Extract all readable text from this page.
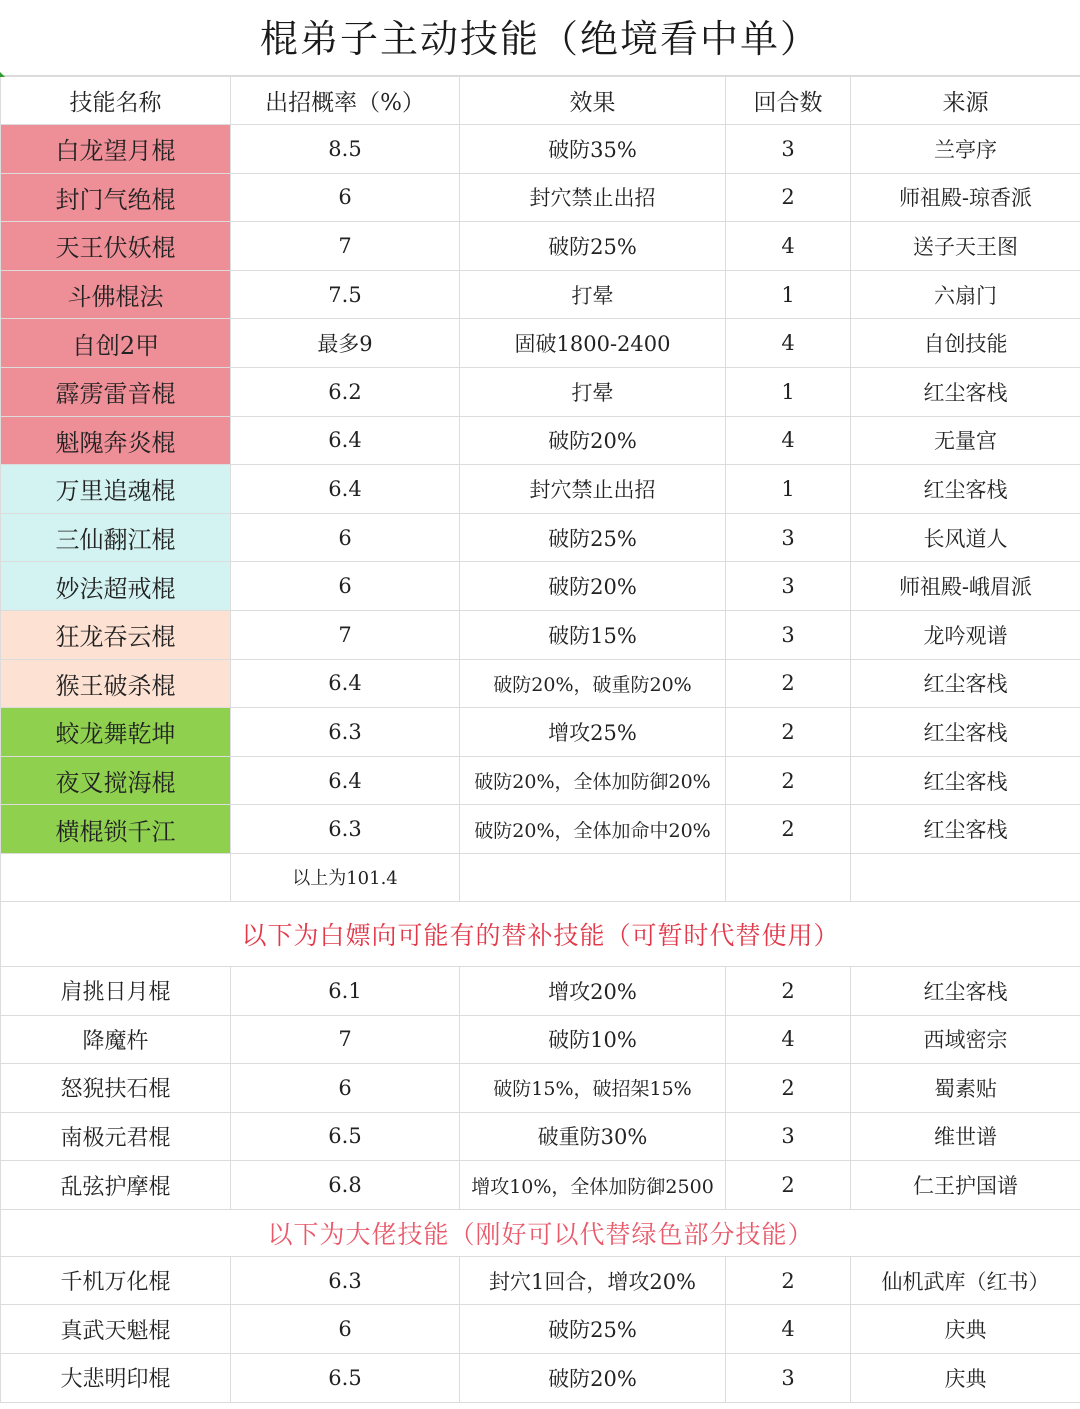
棍弟子主动技能（绝境看中单）
技能名称	出招概率（%）	效果	回合数	来源
白龙望月棍	8.5	破防35%	3	兰亭序
封门气绝棍	6	封穴禁止出招	2	师祖殿-琼香派
天王伏妖棍	7	破防25%	4	送子天王图
斗佛棍法	7.5	打晕	1	六扇门
自创2甲	最多9	固破1800-2400	4	自创技能
霹雳雷音棍	6.2	打晕	1	红尘客栈
魁隗奔炎棍	6.4	破防20%	4	无量宫
万里追魂棍	6.4	封穴禁止出招	1	红尘客栈
三仙翻江棍	6	破防25%	3	长风道人
妙法超戒棍	6	破防20%	3	师祖殿-峨眉派
狂龙吞云棍	7	破防15%	3	龙吟观谱
猴王破杀棍	6.4	破防20%，破重防20%	2	红尘客栈
蛟龙舞乾坤	6.3	增攻25%	2	红尘客栈
夜叉搅海棍	6.4	破防20%，全体加防御20%	2	红尘客栈
横棍锁千江	6.3	破防20%，全体加命中20%	2	红尘客栈
	以上为101.4			
以下为白嫖向可能有的替补技能（可暂时代替使用）				
肩挑日月棍	6.1	增攻20%	2	红尘客栈
降魔杵	7	破防10%	4	西域密宗
怒猊扶石棍	6	破防15%，破招架15%	2	蜀素贴
南极元君棍	6.5	破重防30%	3	维世谱
乱弦护摩棍	6.8	增攻10%，全体加防御2500	2	仁王护国谱
以下为大佬技能（刚好可以代替绿色部分技能）				
千机万化棍	6.3	封穴1回合，增攻20%	2	仙机武库（红书）
真武天魁棍	6	破防25%	4	庆典
大悲明印棍	6.5	破防20%	3	庆典
